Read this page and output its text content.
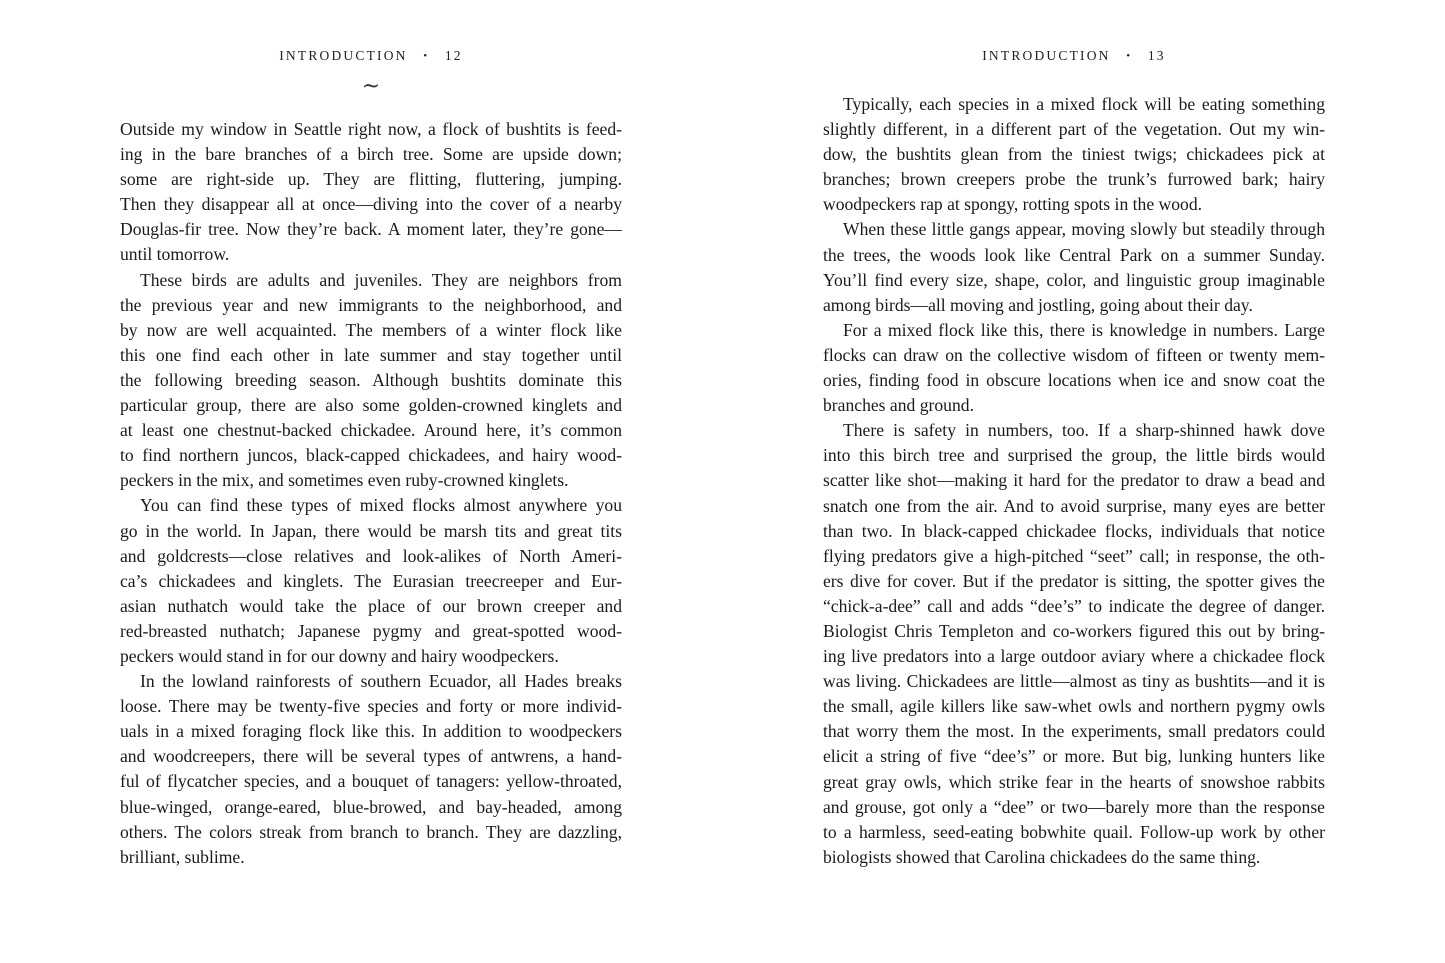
INTRODUCTION • 12
~
Outside my window in Seattle right now, a flock of bushtits is feed-
ing in the bare branches of a birch tree. Some are upside down;
some are right-side up. They are flitting, fluttering, jumping.
Then they disappear all at once—diving into the cover of a nearby
Douglas-fir tree. Now they’re back. A moment later, they’re gone—
until tomorrow.
These birds are adults and juveniles. They are neighbors from
the previous year and new immigrants to the neighborhood, and
by now are well acquainted. The members of a winter flock like
this one find each other in late summer and stay together until
the following breeding season. Although bushtits dominate this
particular group, there are also some golden-crowned kinglets and
at least one chestnut-backed chickadee. Around here, it’s common
to find northern juncos, black-capped chickadees, and hairy wood-
peckers in the mix, and sometimes even ruby-crowned kinglets.
You can find these types of mixed flocks almost anywhere you
go in the world. In Japan, there would be marsh tits and great tits
and goldcrests—close relatives and look-alikes of North Ameri-
ca’s chickadees and kinglets. The Eurasian treecreeper and Eur-
asian nuthatch would take the place of our brown creeper and
red-breasted nuthatch; Japanese pygmy and great-spotted wood-
peckers would stand in for our downy and hairy woodpeckers.
In the lowland rainforests of southern Ecuador, all Hades breaks
loose. There may be twenty-five species and forty or more individ-
uals in a mixed foraging flock like this. In addition to woodpeckers
and woodcreepers, there will be several types of antwrens, a hand-
ful of flycatcher species, and a bouquet of tanagers: yellow-throated,
blue-winged, orange-eared, blue-browed, and bay-headed, among
others. The colors streak from branch to branch. They are dazzling,
brilliant, sublime.
INTRODUCTION • 13
Typically, each species in a mixed flock will be eating something
slightly different, in a different part of the vegetation. Out my win-
dow, the bushtits glean from the tiniest twigs; chickadees pick at
branches; brown creepers probe the trunk’s furrowed bark; hairy
woodpeckers rap at spongy, rotting spots in the wood.
When these little gangs appear, moving slowly but steadily through
the trees, the woods look like Central Park on a summer Sunday.
You’ll find every size, shape, color, and linguistic group imaginable
among birds—all moving and jostling, going about their day.
For a mixed flock like this, there is knowledge in numbers. Large
flocks can draw on the collective wisdom of fifteen or twenty mem-
ories, finding food in obscure locations when ice and snow coat the
branches and ground.
There is safety in numbers, too. If a sharp-shinned hawk dove
into this birch tree and surprised the group, the little birds would
scatter like shot—making it hard for the predator to draw a bead and
snatch one from the air. And to avoid surprise, many eyes are better
than two. In black-capped chickadee flocks, individuals that notice
flying predators give a high-pitched “seet” call; in response, the oth-
ers dive for cover. But if the predator is sitting, the spotter gives the
“chick-a-dee” call and adds “dee’s” to indicate the degree of danger.
Biologist Chris Templeton and co-workers figured this out by bring-
ing live predators into a large outdoor aviary where a chickadee flock
was living. Chickadees are little—almost as tiny as bushtits—and it is
the small, agile killers like saw-whet owls and northern pygmy owls
that worry them the most. In the experiments, small predators could
elicit a string of five “dee’s” or more. But big, lunking hunters like
great gray owls, which strike fear in the hearts of snowshoe rabbits
and grouse, got only a “dee” or two—barely more than the response
to a harmless, seed-eating bobwhite quail. Follow-up work by other
biologists showed that Carolina chickadees do the same thing.
